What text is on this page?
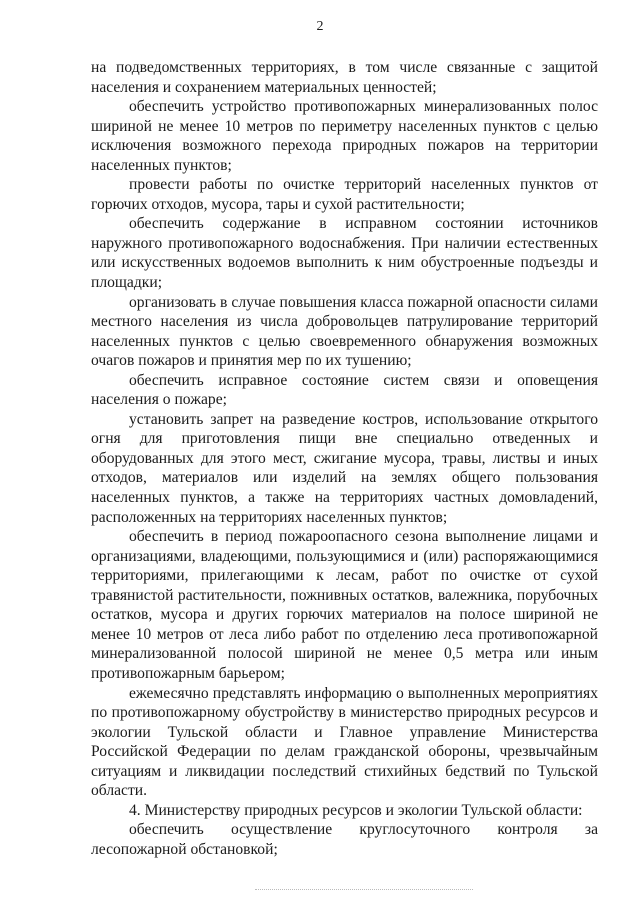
2

на подведомственных территориях, в том числе связанные с защитой населения и сохранением материальных ценностей;

обеспечить устройство противопожарных минерализованных полос шириной не менее 10 метров по периметру населенных пунктов с целью исключения возможного перехода природных пожаров на территории населенных пунктов;

провести работы по очистке территорий населенных пунктов от горючих отходов, мусора, тары и сухой растительности;

обеспечить содержание в исправном состоянии источников наружного противопожарного водоснабжения. При наличии естественных или искусственных водоемов выполнить к ним обустроенные подъезды и площадки;

организовать в случае повышения класса пожарной опасности силами местного населения из числа добровольцев патрулирование территорий населенных пунктов с целью своевременного обнаружения возможных очагов пожаров и принятия мер по их тушению;

обеспечить исправное состояние систем связи и оповещения населения о пожаре;

установить запрет на разведение костров, использование открытого огня для приготовления пищи вне специально отведенных и оборудованных для этого мест, сжигание мусора, травы, листвы и иных отходов, материалов или изделий на землях общего пользования населенных пунктов, а также на территориях частных домовладений, расположенных на территориях населенных пунктов;

обеспечить в период пожароопасного сезона выполнение лицами и организациями, владеющими, пользующимися и (или) распоряжающимися территориями, прилегающими к лесам, работ по очистке от сухой травянистой растительности, пожнивных остатков, валежника, порубочных остатков, мусора и других горючих материалов на полосе шириной не менее 10 метров от леса либо работ по отделению леса противопожарной минерализованной полосой шириной не менее 0,5 метра или иным противопожарным барьером;

ежемесячно представлять информацию о выполненных мероприятиях по противопожарному обустройству в министерство природных ресурсов и экологии Тульской области и Главное управление Министерства Российской Федерации по делам гражданской обороны, чрезвычайным ситуациям и ликвидации последствий стихийных бедствий по Тульской области.

4. Министерству природных ресурсов и экологии Тульской области:

обеспечить осуществление круглосуточного контроля за лесопожарной обстановкой;
